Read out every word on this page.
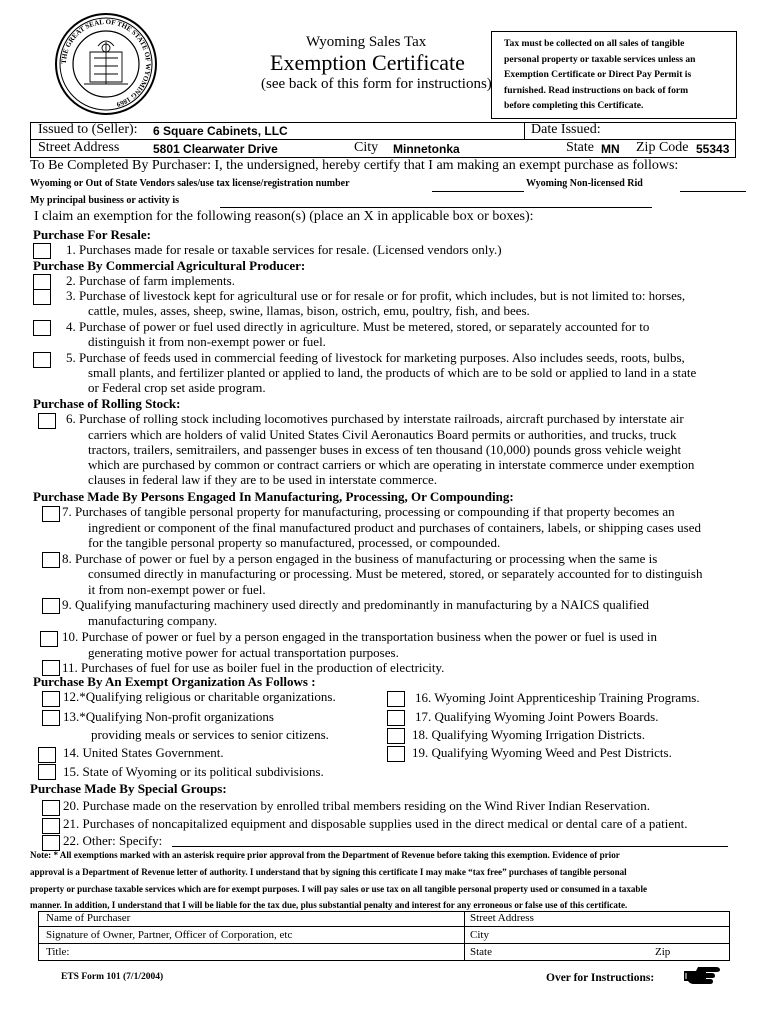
THE GREAT SEAL OF THE STATE OF WYOMING 1869
Wyoming Sales Tax
Exemption Certificate
(see back of this form for instructions)
Tax must be collected on all sales of tangible
personal property or taxable services unless an
Exemption Certificate or Direct Pay Permit is
furnished. Read instructions on back of form
before completing this Certificate.
Issued to (Seller): 6 Square Cabinets, LLC	Date Issued:
Street Address	5801 Clearwater Drive	City Minnetonka	State MN Zip Code 55343
To Be Completed By Purchaser: I, the undersigned, hereby certify that I am making an exempt purchase as follows:
Wyoming or Out of State Vendors sales/use tax license/registration number	Wyoming Non-licensed Rid
My principal business or activity is
I claim an exemption for the following reason(s) (place an X in applicable box or boxes):
Purchase For Resale:
1. Purchases made for resale or taxable services for resale. (Licensed vendors only.)
Purchase By Commercial Agricultural Producer:
2. Purchase of farm implements.
3. Purchase of livestock kept for agricultural use or for resale or for profit, which includes, but is not limited to: horses,
cattle, mules, asses, sheep, swine, llamas, bison, ostrich, emu, poultry, fish, and bees.
4. Purchase of power or fuel used directly in agriculture. Must be metered, stored, or separately accounted for to
distinguish it from non-exempt power or fuel.
5. Purchase of feeds used in commercial feeding of livestock for marketing purposes. Also includes seeds, roots, bulbs,
small plants, and fertilizer planted or applied to land, the products of which are to be sold or applied to land in a state
or Federal crop set aside program.
Purchase of Rolling Stock:
6. Purchase of rolling stock including locomotives purchased by interstate railroads, aircraft purchased by interstate air
carriers which are holders of valid United States Civil Aeronautics Board permits or authorities, and trucks, truck
tractors, trailers, semitrailers, and passenger buses in excess of ten thousand (10,000) pounds gross vehicle weight
which are purchased by common or contract carriers or which are operating in interstate commerce under exemption
clauses in federal law if they are to be used in interstate commerce.
Purchase Made By Persons Engaged In Manufacturing, Processing, Or Compounding:
7. Purchases of tangible personal property for manufacturing, processing or compounding if that property becomes an
ingredient or component of the final manufactured product and purchases of containers, labels, or shipping cases used
for the tangible personal property so manufactured, processed, or compounded.
8. Purchase of power or fuel by a person engaged in the business of manufacturing or processing when the same is
consumed directly in manufacturing or processing. Must be metered, stored, or separately accounted for to distinguish
it from non-exempt power or fuel.
9. Qualifying manufacturing machinery used directly and predominantly in manufacturing by a NAICS qualified
manufacturing company.
10. Purchase of power or fuel by a person engaged in the transportation business when the power or fuel is used in
generating motive power for actual transportation purposes.
11. Purchases of fuel for use as boiler fuel in the production of electricity.
Purchase By An Exempt Organization As Follows :
12.*Qualifying religious or charitable organizations.
13.*Qualifying Non-profit organizations
providing meals or services to senior citizens.
14. United States Government.
15. State of Wyoming or its political subdivisions.
16. Wyoming Joint Apprenticeship Training Programs.
17. Qualifying Wyoming Joint Powers Boards.
18. Qualifying Wyoming Irrigation Districts.
19. Qualifying Wyoming Weed and Pest Districts.
Purchase Made By Special Groups:
20. Purchase made on the reservation by enrolled tribal members residing on the Wind River Indian Reservation.
21. Purchases of noncapitalized equipment and disposable supplies used in the direct medical or dental care of a patient.
22. Other: Specify:
Note: * All exemptions marked with an asterisk require prior approval from the Department of Revenue before taking this exemption. Evidence of prior
approval is a Department of Revenue letter of authority. I understand that by signing this certificate I may make “tax free” purchases of tangible personal
property or purchase taxable services which are for exempt purposes. I will pay sales or use tax on all tangible personal property used or consumed in a taxable
manner. In addition, I understand that I will be liable for the tax due, plus substantial penalty and interest for any erroneous or false use of this certificate.
Name of Purchaser	Street Address
Signature of Owner, Partner, Officer of Corporation, etc	City
Title:	State	Zip
ETS Form 101 (7/1/2004)	Over for Instructions:
